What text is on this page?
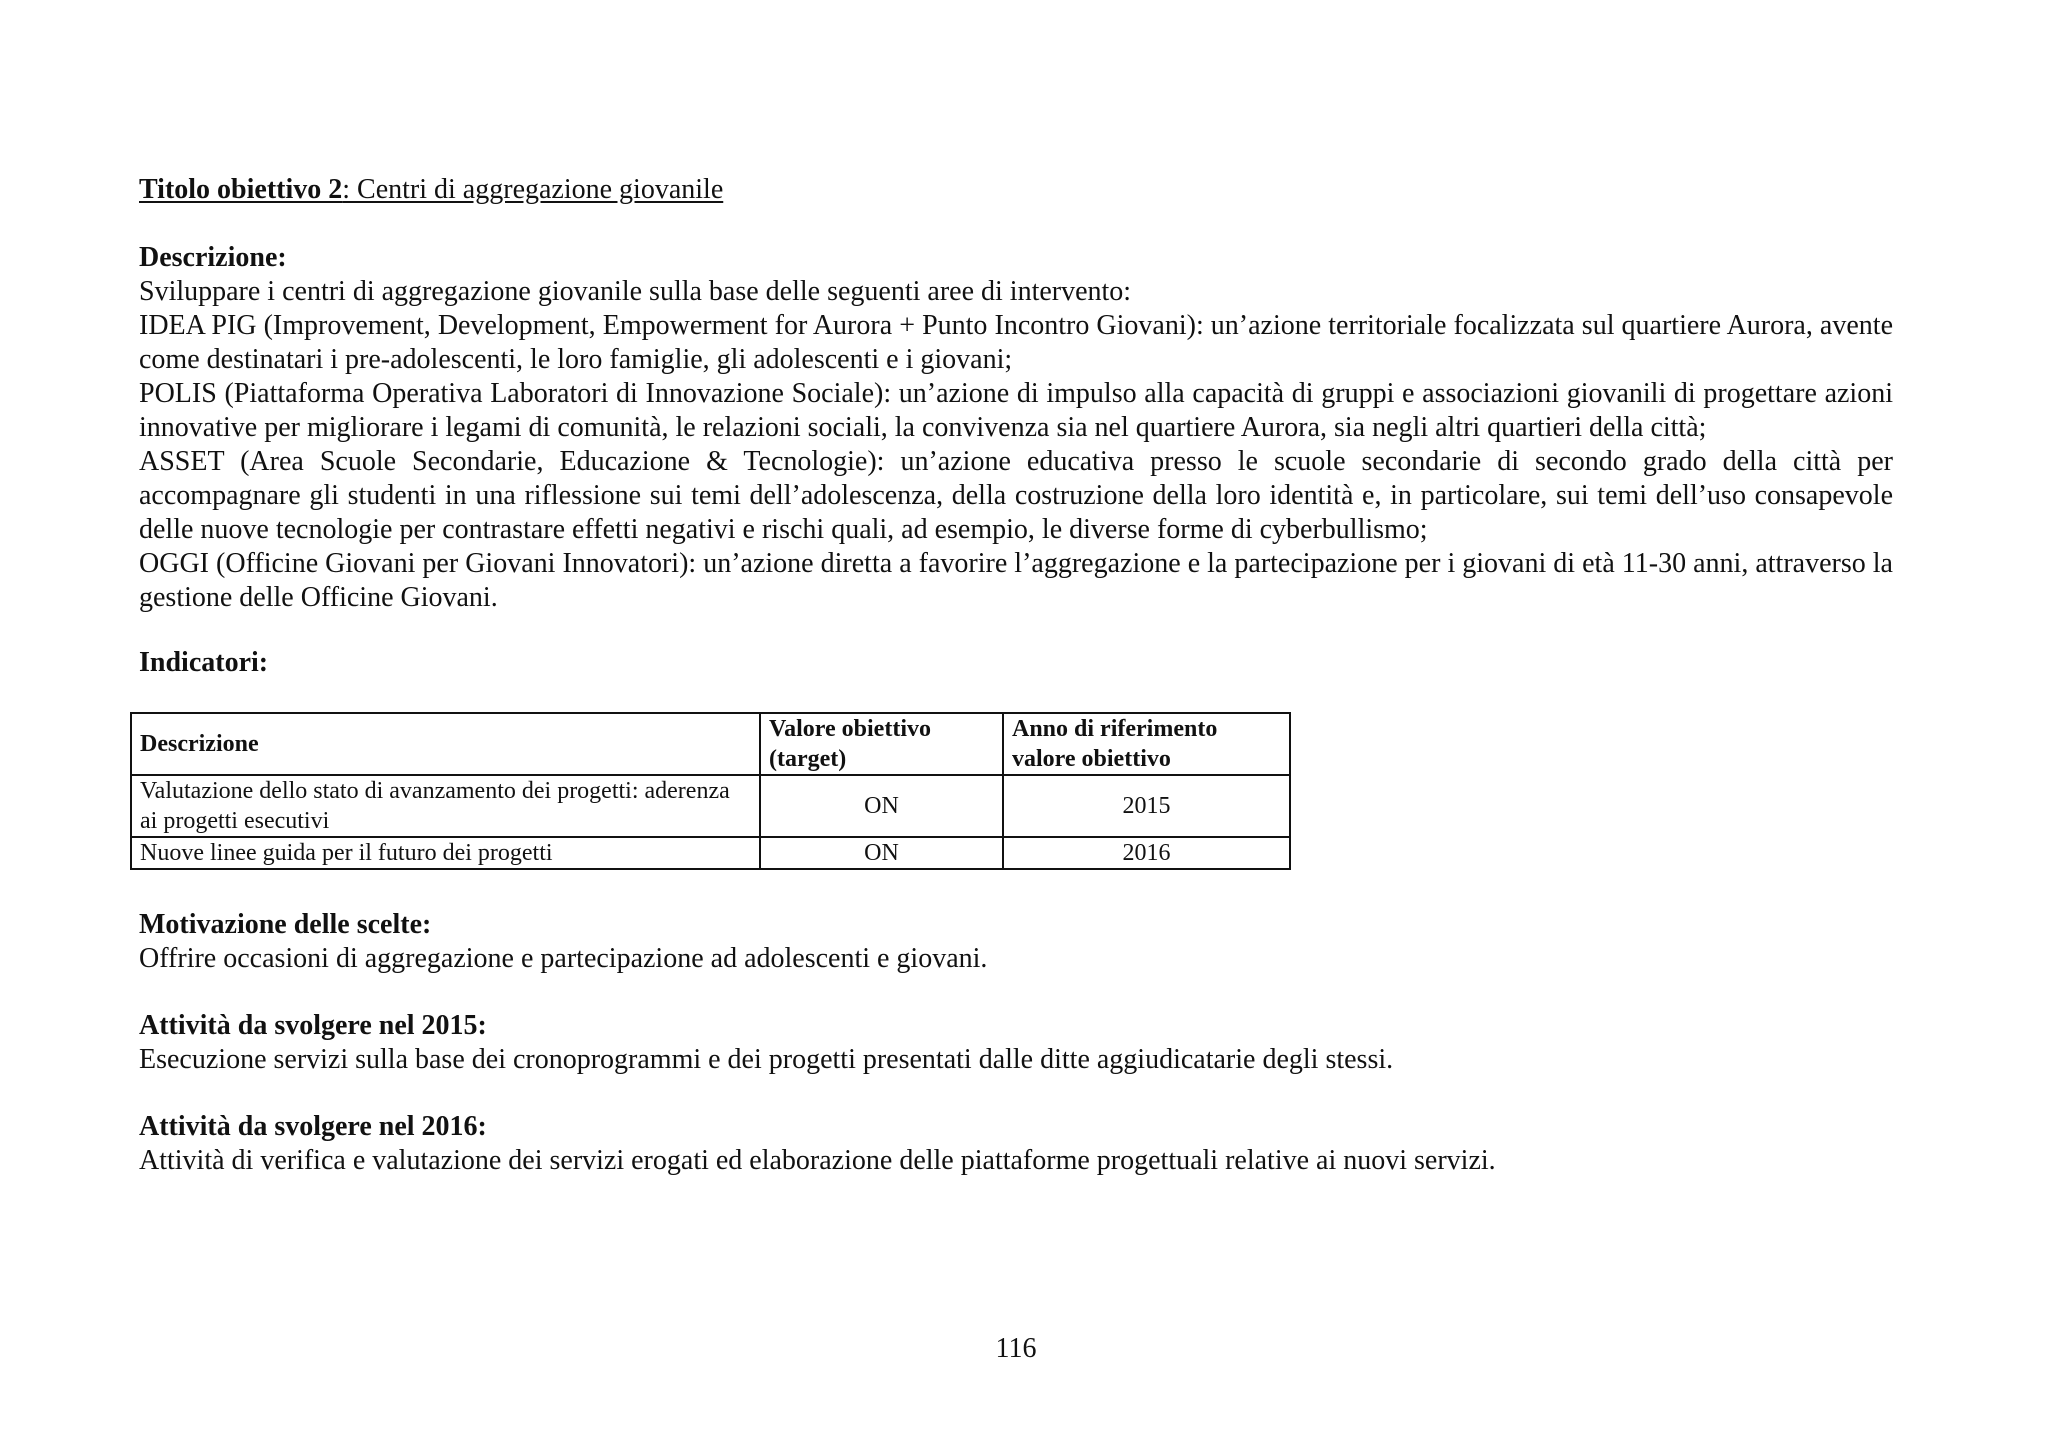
Titolo obiettivo 2: Centri di aggregazione giovanile

Descrizione:

Sviluppare i centri di aggregazione giovanile sulla base delle seguenti aree di intervento:

IDEA PIG (Improvement, Development, Empowerment for Aurora + Punto Incontro Giovani): un’azione territoriale focalizzata sul quartiere Aurora, avente come destinatari i pre-adolescenti, le loro famiglie, gli adolescenti e i giovani;

POLIS (Piattaforma Operativa Laboratori di Innovazione Sociale): un’azione di impulso alla capacità di gruppi e associazioni giovanili di progettare azioni innovative per migliorare i legami di comunità, le relazioni sociali, la convivenza sia nel quartiere Aurora, sia negli altri quartieri della città;

ASSET (Area Scuole Secondarie, Educazione & Tecnologie): un’azione educativa presso le scuole secondarie di secondo grado della città per accompagnare gli studenti in una riflessione sui temi dell’adolescenza, della costruzione della loro identità e, in particolare, sui temi dell’uso consapevole delle nuove tecnologie per contrastare effetti negativi e rischi quali, ad esempio, le diverse forme di cyberbullismo;

OGGI (Officine Giovani per Giovani Innovatori): un’azione diretta a favorire l’aggregazione e la partecipazione per i giovani di età 11-30 anni, attraverso la gestione delle Officine Giovani.

Indicatori:

Descrizione	Valore obiettivo (target)	Anno di riferimento valore obiettivo
Valutazione dello stato di avanzamento dei progetti: aderenza ai progetti esecutivi	ON	2015
Nuove linee guida per il futuro dei progetti	ON	2016

Motivazione delle scelte:

Offrire occasioni di aggregazione e partecipazione ad adolescenti e giovani.

Attività da svolgere nel 2015:

Esecuzione servizi sulla base dei cronoprogrammi e dei progetti presentati dalle ditte aggiudicatarie degli stessi.

Attività da svolgere nel 2016:

Attività di verifica e valutazione dei servizi erogati ed elaborazione delle piattaforme progettuali relative ai nuovi servizi.

116
